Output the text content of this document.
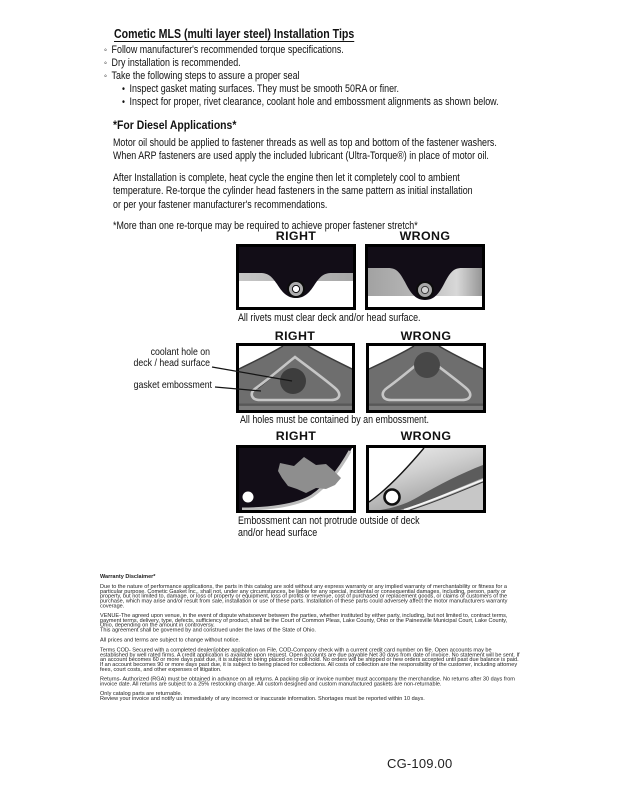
Cometic MLS (multi layer steel) Installation Tips
◦ Follow manufacturer's recommended torque specifications.
◦ Dry installation is recommended.
◦ Take the following steps to assure a proper seal
• Inspect gasket mating surfaces. They must be smooth 50RA or finer.
• Inspect for proper, rivet clearance, coolant hole and embossment alignments as shown below.
*For Diesel Applications*
Motor oil should be applied to fastener threads as well as top and bottom of the fastener washers.
When ARP fasteners are used apply the included lubricant (Ultra-Torque®) in place of motor oil.
After Installation is complete, heat cycle the engine then let it completely cool to ambient
temperature. Re-torque the cylinder head fasteners in the same pattern as initial installation
or per your fastener manufacturer's recommendations.
*More than one re-torque may be required to achieve proper fastener stretch*
RIGHT	WRONG
All rivets must clear deck and/or head surface.
coolant hole on
deck / head surface
gasket embossment
RIGHT	WRONG
All holes must be contained by an embossment.
RIGHT	WRONG
Embossment can not protrude outside of deck
and/or head surface

Warranty Disclaimer*

Due to the nature of performance applications, the parts in this catalog are sold without any express warranty or any implied warranty of merchantability or fitness for a particular purpose. Cometic Gasket Inc., shall not, under any circumstances, be liable for any special, incidental or consequential damages, including, person, party or property, but not limited to, damage, or loss of property or equipment, loss of profits or revenue, cost of purchased or replacement goods, or claims of customers of the purchase, which may arise and/or result from sale, installation or use of these parts. Installation of these parts could adversely affect the motor manufacturers warranty coverage.

VENUE-The agreed upon venue, in the event of dispute whatsoever between the parties, whether instituted by either party, including, but not limited to, contract terms, payment terms, delivery, type, defects, sufficiency of product, shall be the Court of Common Pleas, Lake County, Ohio or the Painesville Municipal Court, Lake County, Ohio, depending on the amount in controversy.

This agreement shall be governed by and construed under the laws of the State of Ohio.

All prices and terms are subject to change without notice.

Terms COD- Secured with a completed dealer/jobber application on File, COD-Company check with a current credit card number on file. Open accounts may be established by well rated firms. A credit application is available upon request. Open accounts are due payable Net 30 days from date of invoice. No statement will be sent. If an account becomes 60 or more days past due, it is subject to being placed on credit hold. No orders will be shipped or new orders accepted until past due balance is paid. If an account becomes 90 or more days past due, it is subject to being placed for collections. All costs of collection are the responsibility of the customer, including attorney fees, court costs, and other expenses of litigation.

Returns- Authorized (RGA) must be obtained in advance on all returns. A packing slip or invoice number must accompany the merchandise. No returns after 30 days from invoice date. All returns are subject to a 25% restocking charge. All custom designed and custom manufactured gaskets are non-returnable.

Only catalog parts are returnable.

Review your invoice and notify us immediately of any incorrect or inaccurate information. Shortages must be reported within 10 days.

CG-109.00
